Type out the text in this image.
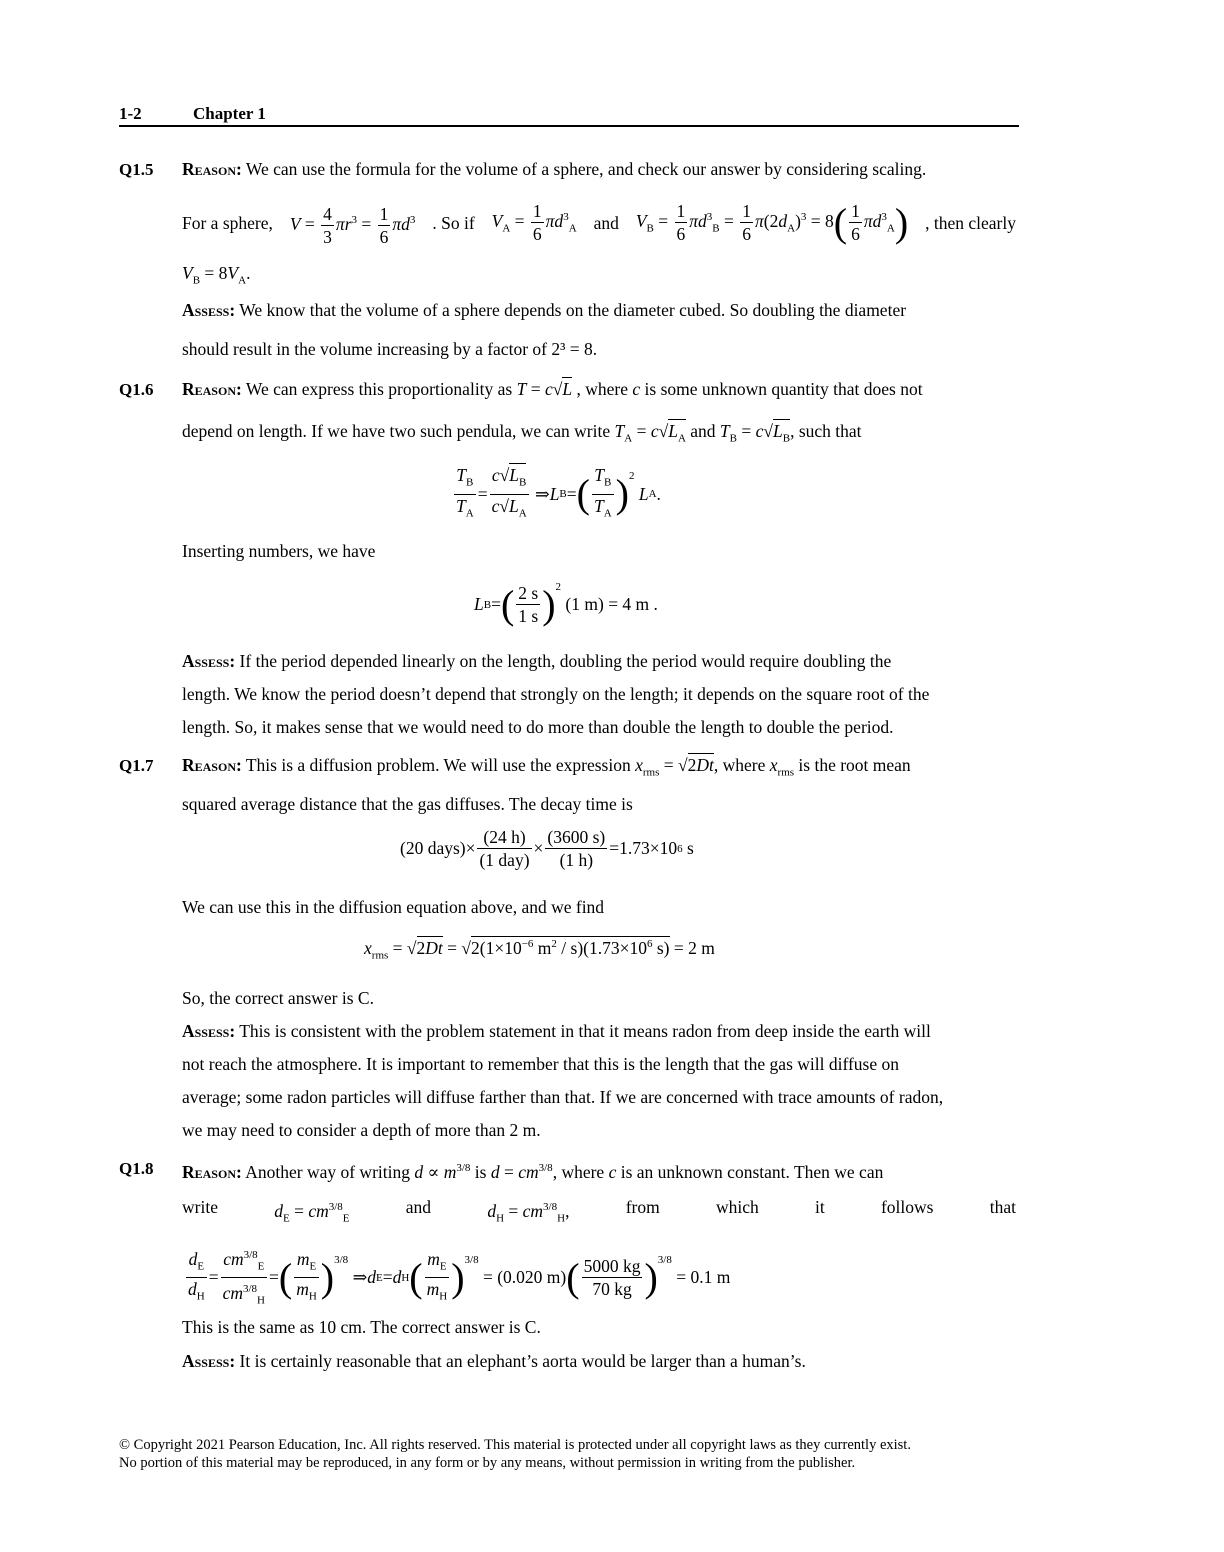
1-2	Chapter 1
Q1.5 Reason: We can use the formula for the volume of a sphere, and check our answer by considering scaling.
For a sphere, $V = \frac{4}{3} \pi r^3 = \frac{1}{6} \pi d^3$ . So if $V_A = \frac{1}{6} \pi d^3_A$ and $V_B = \frac{1}{6} \pi d^3_B = \frac{1}{6} \pi(2d_A)^3 = 8( \frac{1}{6} \pi d^3_A)$ , then clearly
$V_B = 8V_A$.
Assess: We know that the volume of a sphere depends on the diameter cubed. So doubling the diameter
should result in the volume increasing by a factor of 2³ = 8.
Q1.6 Reason: We can express this proportionality as T = c√L , where c is some unknown quantity that does not
depend on length. If we have two such pendula, we can write $T_A = c√L_A$ and $T_B = c√L_B$, such that
$\frac{T_B}{T_A} = \frac{c√L_B}{c√L_A}$ ⇒ L B = ( $\frac{T_B}{T_A} )^2$

L A .
Inserting numbers, we have
L B = ( $\frac{2 s}{1 s} )^2$

(1 m) = 4 m .
Assess: If the period depended linearly on the length, doubling the period would require doubling the
length. We know the period doesn’t depend that strongly on the length; it depends on the square root of the
length. So, it makes sense that we would need to do more than double the length to double the period.
Q1.7 Reason: This is a diffusion problem. We will use the expression $x_{rms} = √2Dt$, where $x_{rms}$ is the root mean
squared average distance that the gas diffuses. The decay time is
(20 days)× $\frac{(24 h)}{\text{(1 day)}} \times \frac{(3600 s)}{(1 h)} =1.73\times 10$ 6 s
We can use this in the diffusion equation above, and we find
$x_{rms} = √2Dt = √2(1\times 10^{-6}$ $m^2 / s)(1.73\times 10^6$ s) = 2 m
So, the correct answer is C.
Assess: This is consistent with the problem statement in that it means radon from deep inside the earth will
not reach the atmosphere. It is important to remember that this is the length that the gas will diffuse on
average; some radon particles will diffuse farther than that. If we are concerned with trace amounts of radon,
we may need to consider a depth of more than 2 m.
Q1.8 Reason: Another way of writing $d \propto m^{3/8}$ is $d = cm^{3/8}$, where c is an unknown constant. Then we can
write	$d_E = cm^{3/8}_E$
and	$d_H = cm^{3/8}_H$,	from	which	it	follows	that
$\frac{d_E}{d_H} = \frac{cm^{3/8}_E}{cm^{3/8}_H}$ = ( $\frac{m_E}{m_H} )^{3/8}$
⇒ d E = d H ( $\frac{m_E}{m_H} )^{3/8}$
= (0.020 m) ( $\frac{5000 kg}{70 kg} )^{3/8}$

= 0.1 m
This is the same as 10 cm. The correct answer is C.
Assess: It is certainly reasonable that an elephant’s aorta would be larger than a human’s.
© Copyright 2021 Pearson Education, Inc. All rights reserved. This material is protected under all copyright laws as they currently exist.
No portion of this material may be reproduced, in any form or by any means, without permission in writing from the publisher.
